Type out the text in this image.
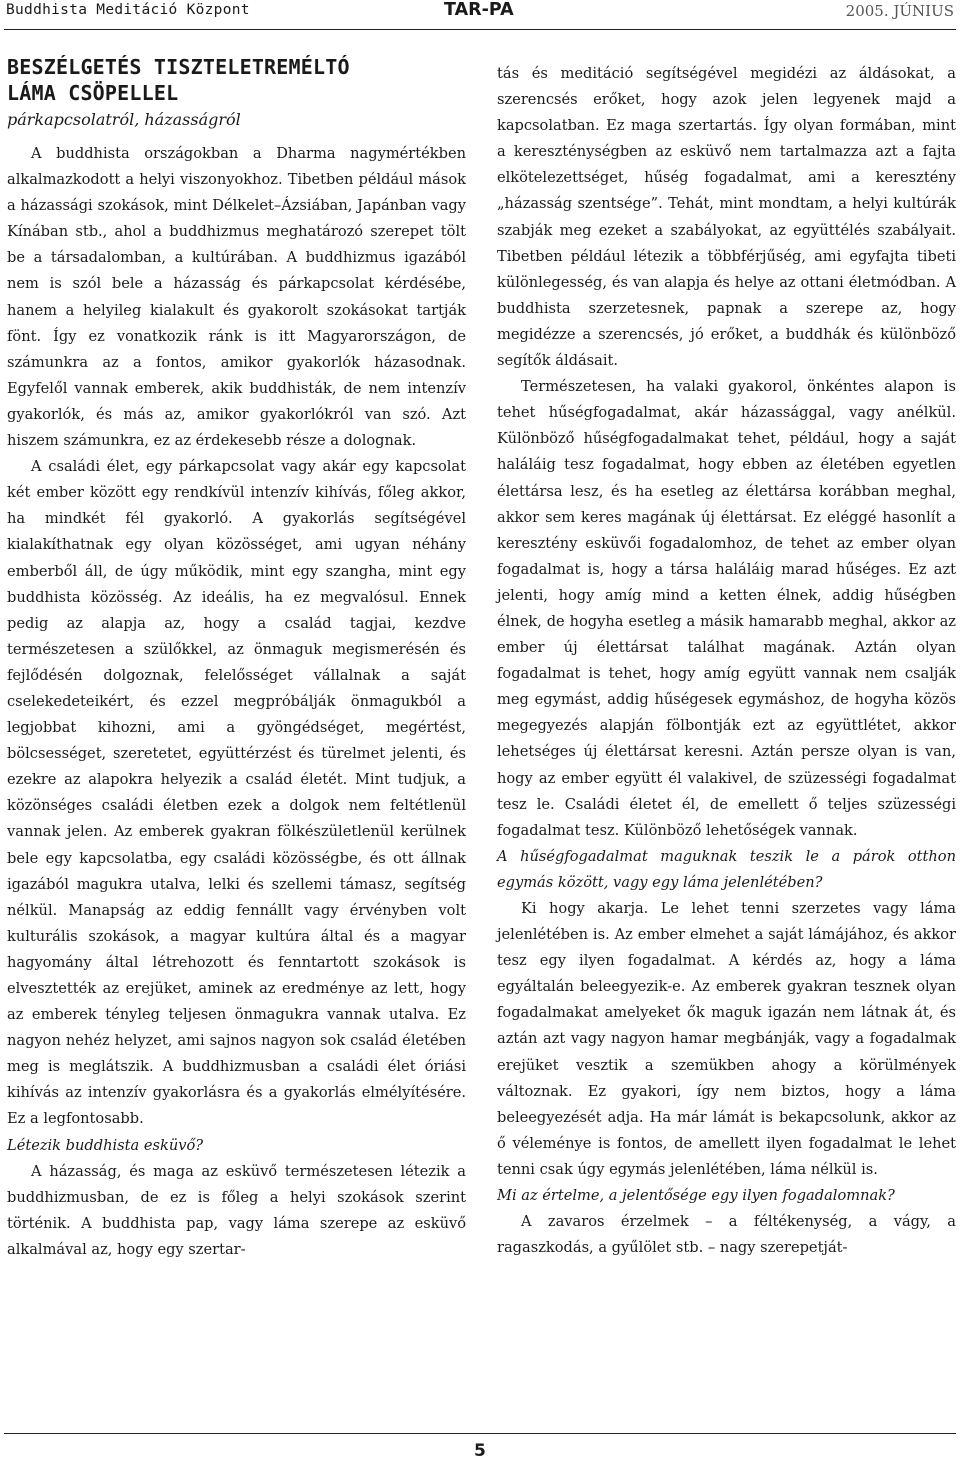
Buddhista Meditáció Központ	TAR-PA	2005. JÚNIUS
BESZÉLGETÉS TISZTELETREMÉLTÓ
LÁMA CSÖPELLEL
párkapcsolatról, házasságról

A buddhista országokban a Dharma nagymértékben alkalmazkodott a helyi viszonyokhoz. Tibetben például mások a házassági szokások, mint Délkelet–Ázsiában, Japánban vagy Kínában stb., ahol a buddhizmus meghatározó szerepet tölt be a társadalomban, a kultúrában. A buddhizmus igazából nem is szól bele a házasság és párkapcsolat kérdésébe, hanem a helyileg kialakult és gyakorolt szokásokat tartják fönt. Így ez vonatkozik ránk is itt Magyarországon, de számunkra az a fontos, amikor gyakorlók házasodnak. Egyfelől vannak emberek, akik buddhisták, de nem intenzív gyakorlók, és más az, amikor gyakorlókról van szó. Azt hiszem számunkra, ez az érdekesebb része a dolognak.

A családi élet, egy párkapcsolat vagy akár egy kapcsolat két ember között egy rendkívül intenzív kihívás, főleg akkor, ha mindkét fél gyakorló. A gyakorlás segítségével kialakíthatnak egy olyan közösséget, ami ugyan néhány emberből áll, de úgy működik, mint egy szangha, mint egy buddhista közösség. Az ideális, ha ez megvalósul. Ennek pedig az alapja az, hogy a család tagjai, kezdve természetesen a szülőkkel, az önmaguk megismerésén és fejlődésén dolgoznak, felelősséget vállalnak a saját cselekedeteikért, és ezzel megpróbálják önmagukból a legjobbat kihozni, ami a gyöngédséget, megértést, bölcsességet, szeretetet, együttérzést és türelmet jelenti, és ezekre az alapokra helyezik a család életét. Mint tudjuk, a közönséges családi életben ezek a dolgok nem feltétlenül vannak jelen. Az emberek gyakran fölkészületlenül kerülnek bele egy kapcsolatba, egy családi közösségbe, és ott állnak igazából magukra utalva, lelki és szellemi támasz, segítség nélkül. Manapság az eddig fennállt vagy érvényben volt kulturális szokások, a magyar kultúra által és a magyar hagyomány által létrehozott és fenntartott szokások is elvesztették az erejüket, aminek az eredménye az lett, hogy az emberek tényleg teljesen önmagukra vannak utalva. Ez nagyon nehéz helyzet, ami sajnos nagyon sok család életében meg is meglátszik. A buddhizmusban a családi élet óriási kihívás az intenzív gyakorlásra és a gyakorlás elmélyítésére. Ez a legfontosabb.

Létezik buddhista esküvő?

A házasság, és maga az esküvő természetesen létezik a buddhizmusban, de ez is főleg a helyi szokások szerint történik. A buddhista pap, vagy láma szerepe az esküvő alkalmával az, hogy egy szertar-

tás és meditáció segítségével megidézi az áldásokat, a szerencsés erőket, hogy azok jelen legyenek majd a kapcsolatban. Ez maga szertartás. Így olyan formában, mint a kereszténységben az esküvő nem tartalmazza azt a fajta elkötelezettséget, hűség fogadalmat, ami a keresztény „házasság szentsége”. Tehát, mint mondtam, a helyi kultúrák szabják meg ezeket a szabályokat, az együttélés szabályait. Tibetben például létezik a többférjűség, ami egyfajta tibeti különlegesség, és van alapja és helye az ottani életmódban. A buddhista szerzetesnek, papnak a szerepe az, hogy megidézze a szerencsés, jó erőket, a buddhák és különböző segítők áldásait.

Természetesen, ha valaki gyakorol, önkéntes alapon is tehet hűségfogadalmat, akár házassággal, vagy anélkül. Különböző hűségfogadalmakat tehet, például, hogy a saját haláláig tesz fogadalmat, hogy ebben az életében egyetlen élettársa lesz, és ha esetleg az élettársa korábban meghal, akkor sem keres magának új élettársat. Ez eléggé hasonlít a keresztény esküvői fogadalomhoz, de tehet az ember olyan fogadalmat is, hogy a társa haláláig marad hűséges. Ez azt jelenti, hogy amíg mind a ketten élnek, addig hűségben élnek, de hogyha esetleg a másik hamarabb meghal, akkor az ember új élettársat találhat magának. Aztán olyan fogadalmat is tehet, hogy amíg együtt vannak nem csalják meg egymást, addig hűségesek egymáshoz, de hogyha közös megegyezés alapján fölbontják ezt az együttlétet, akkor lehetséges új élettársat keresni. Aztán persze olyan is van, hogy az ember együtt él valakivel, de szüzességi fogadalmat tesz le. Családi életet él, de emellett ő teljes szüzességi fogadalmat tesz. Különböző lehetőségek vannak.

A hűségfogadalmat maguknak teszik le a párok otthon egymás között, vagy egy láma jelenlétében?

Ki hogy akarja. Le lehet tenni szerzetes vagy láma jelenlétében is. Az ember elmehet a saját lámájához, és akkor tesz egy ilyen fogadalmat. A kérdés az, hogy a láma egyáltalán beleegyezik-e. Az emberek gyakran tesznek olyan fogadalmakat amelyeket ők maguk igazán nem látnak át, és aztán azt vagy nagyon hamar megbánják, vagy a fogadalmak erejüket vesztik a szemükben ahogy a körülmények változnak. Ez gyakori, így nem biztos, hogy a láma beleegyezését adja. Ha már lámát is bekapcsolunk, akkor az ő véleménye is fontos, de amellett ilyen fogadalmat le lehet tenni csak úgy egymás jelenlétében, láma nélkül is.

Mi az értelme, a jelentősége egy ilyen fogadalomnak?

A zavaros érzelmek – a féltékenység, a vágy, a ragaszkodás, a gyűlölet stb. – nagy szerepetját-

5
